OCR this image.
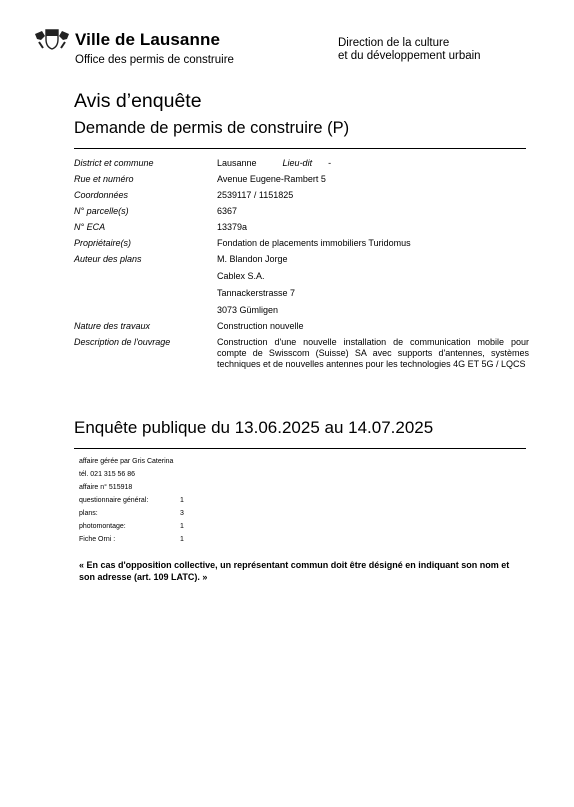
Ville de Lausanne
Office des permis de construire
Direction de la culture
et du développement urbain
Avis d’enquête
Demande de permis de construire (P)
District et commune	Lausanne	Lieu-dit -
Rue et numéro	Avenue Eugene-Rambert 5
Coordonnées	2539117 / 1151825
N° parcelle(s)	6367
N° ECA	13379a
Propriétaire(s)	Fondation de placements immobiliers Turidomus
Auteur des plans	M. Blandon Jorge

Cablex S.A.

Tannackerstrasse 7

3073 Gümligen

Nature des travaux	Construction nouvelle
Description de l'ouvrage	Construction d'une nouvelle installation de communication mobile pour compte de Swisscom (Suisse) SA avec supports d'antennes, systèmes techniques et de nouvelles antennes pour les technologies 4G ET 5G / LQCS
Enquête publique du 13.06.2025 au 14.07.2025
affaire gérée par Gris Caterina
tél. 021 315 56 86
affaire n° 515918
questionnaire général:	1
plans:	3
photomontage:	1
Fiche Orni :	1
« En cas d'opposition collective, un représentant commun doit être désigné en indiquant son nom et son adresse (art. 109 LATC). »
